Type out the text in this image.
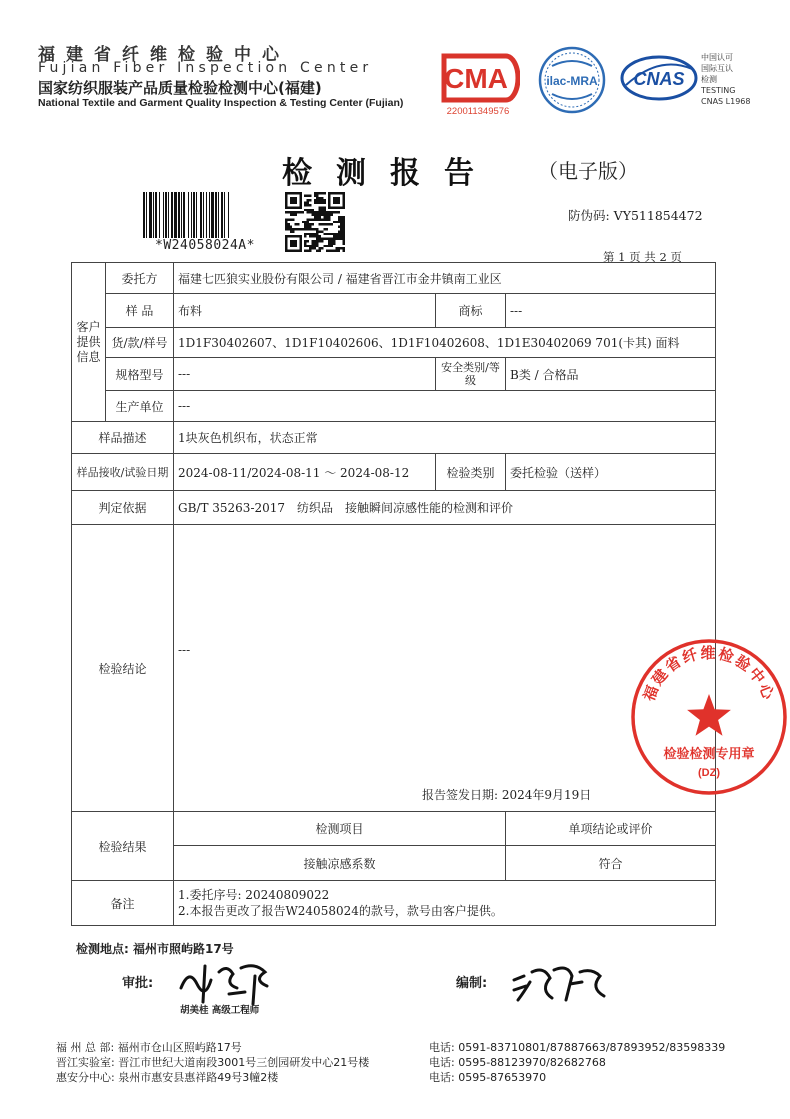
福建省纤维检验中心
Fujian Fiber Inspection Center
国家纺织服装产品质量检验检测中心(福建)
National Textile and Garment Quality Inspection & Testing Center (Fujian)
CMA
220011349576
ilac-MRA CNAS
中国认可
国际互认
检测
TESTING
CNAS L1968
检测报告 （电子版）
*W24058024A*
防伪码: VY511854472
第 1 页 共 2 页
客户提供信息	委托方	福建七匹狼实业股份有限公司 / 福建省晋江市金井镇南工业区		
	样 品	布料	商标	---
	货/款/样号	1D1F30402607、1D1F10402606、1D1F10402608、1D1E30402069 701(卡其) 面料		
	规格型号	---	安全类别/等级	B类 / 合格品
	生产单位	---		
样品描述		1块灰色机织布，状态正常		
样品接收/试验日期		2024-08-11/2024-08-11 ～ 2024-08-12	检验类别	委托检验（送样）
判定依据		GB/T 35263-2017　纺织品　接触瞬间凉感性能的检测和评价		
检验结论		---
报告签发日期: 2024年9月19日		

检验结果		检测项目		单项结论或评价
		接触凉感系数		符合
备注		1.委托序号: 20240809022
2.本报告更改了报告W24058024的款号，款号由客户提供。		
福建省纤维检验中心
检验检测专用章
(DZ)
检测地点: 福州市照屿路17号
审批:
胡美桂 高级工程师
编制:
福 州 总 部: 福州市仓山区照屿路17号
晋江实验室: 晋江市世纪大道南段3001号三创园研发中心21号楼
惠安分中心: 泉州市惠安县惠祥路49号3幢2楼
电话: 0591-83710801/87887663/87893952/83598339
电话: 0595-88123970/82682768
电话: 0595-87653970
